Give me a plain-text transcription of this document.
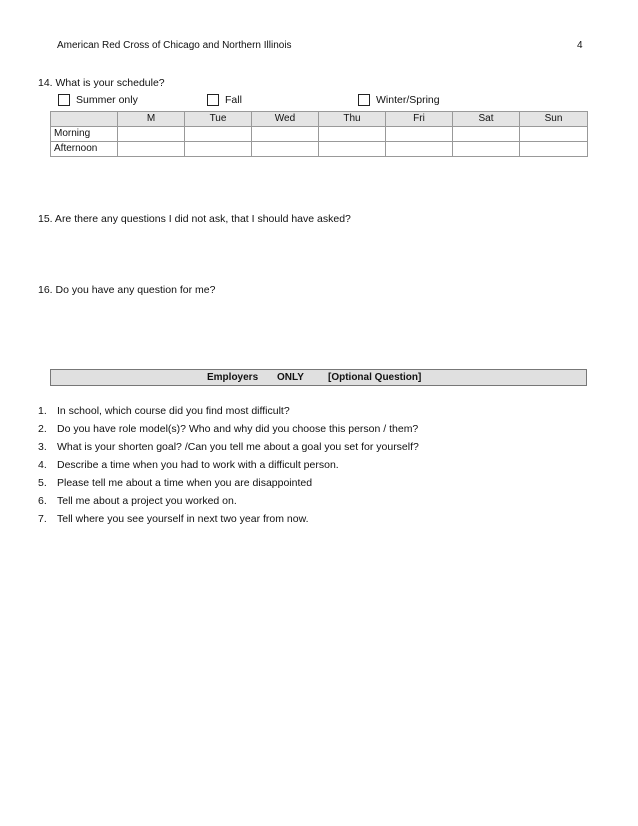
American Red Cross of Chicago and Northern Illinois	4
14. What is your schedule?
Summer only	Fall	Winter/Spring
	M	Tue	Wed	Thu	Fri	Sat	Sun
Morning							
Afternoon							
15. Are there any questions I did not ask, that I should have asked?
16. Do you have any question for me?
Employers ONLY [Optional Question]
1. In school, which course did you find most difficult?
2. Do you have role model(s)? Who and why did you choose this person / them?
3. What is your shorten goal? /Can you tell me about a goal you set for yourself?
4. Describe a time when you had to work with a difficult person.
5. Please tell me about a time when you are disappointed
6. Tell me about a project you worked on.
7. Tell where you see yourself in next two year from now.
